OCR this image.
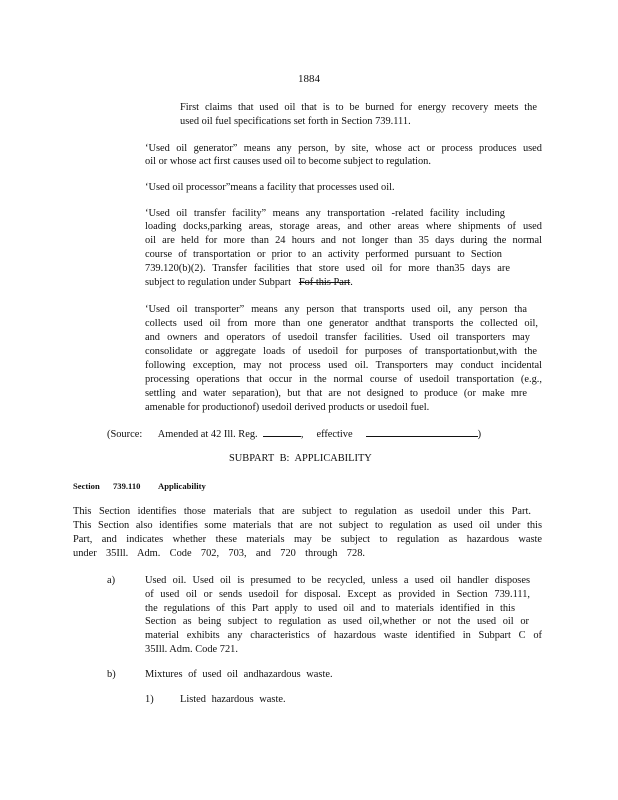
1884
First claims that used oil that is to be burned for energy recovery meets the
used oil fuel specifications set forth in Section 739.111.
‘Used oil generator” means any person, by site, whose act or process produces used
oil or whose act first causes used oil to become subject to regulation.
‘Used oil processor”means a facility that processes used oil.
‘Used oil transfer facility” means any transportation -related facility including
loading docks,parking areas, storage areas, and other areas where shipments of used
oil are held for more than 24 hours and not longer than 35 days during the normal
course of transportation or prior to an activity performed pursuant to Section
739.120(b)(2). Transfer facilities that store used oil for more than35 days are
subject to regulation under Subpart Fof this Part.
‘Used oil transporter” means any person that transports used oil, any person tha
collects used oil from more than one generator andthat transports the collected oil,
and owners and operators of usedoil transfer facilities. Used oil transporters may
consolidate or aggregate loads of usedoil for purposes of transportationbut,with the
following exception, may not process used oil. Transporters may conduct incidental
processing operations that occur in the normal course of usedoil transportation (e.g.,
settling and water separation), but that are not designed to produce (or make mre
amenable for productionof) usedoil derived products or usedoil fuel.
(Source: Amended at 42 Ill. Reg.	, effective	)
SUBPART B: APPLICABILITY
Section 739.110 Applicability
This Section identifies those materials that are subject to regulation as usedoil under this Part.
This Section also identifies some materials that are not subject to regulation as used oil under this
Part, and indicates whether these materials may be subject to regulation as hazardous waste
under 35Ill. Adm. Code 702, 703, and 720 through 728.
a)	Used oil. Used oil is presumed to be recycled, unless a used oil handler disposes
of used oil or sends usedoil for disposal. Except as provided in Section 739.111,
the regulations of this Part apply to used oil and to materials identified in this
Section as being subject to regulation as used oil,whether or not the used oil or
material exhibits any characteristics of hazardous waste identified in Subpart C of
35Ill. Adm. Code 721.
b)	Mixtures of used oil andhazardous waste.
1)	Listed hazardous waste.
